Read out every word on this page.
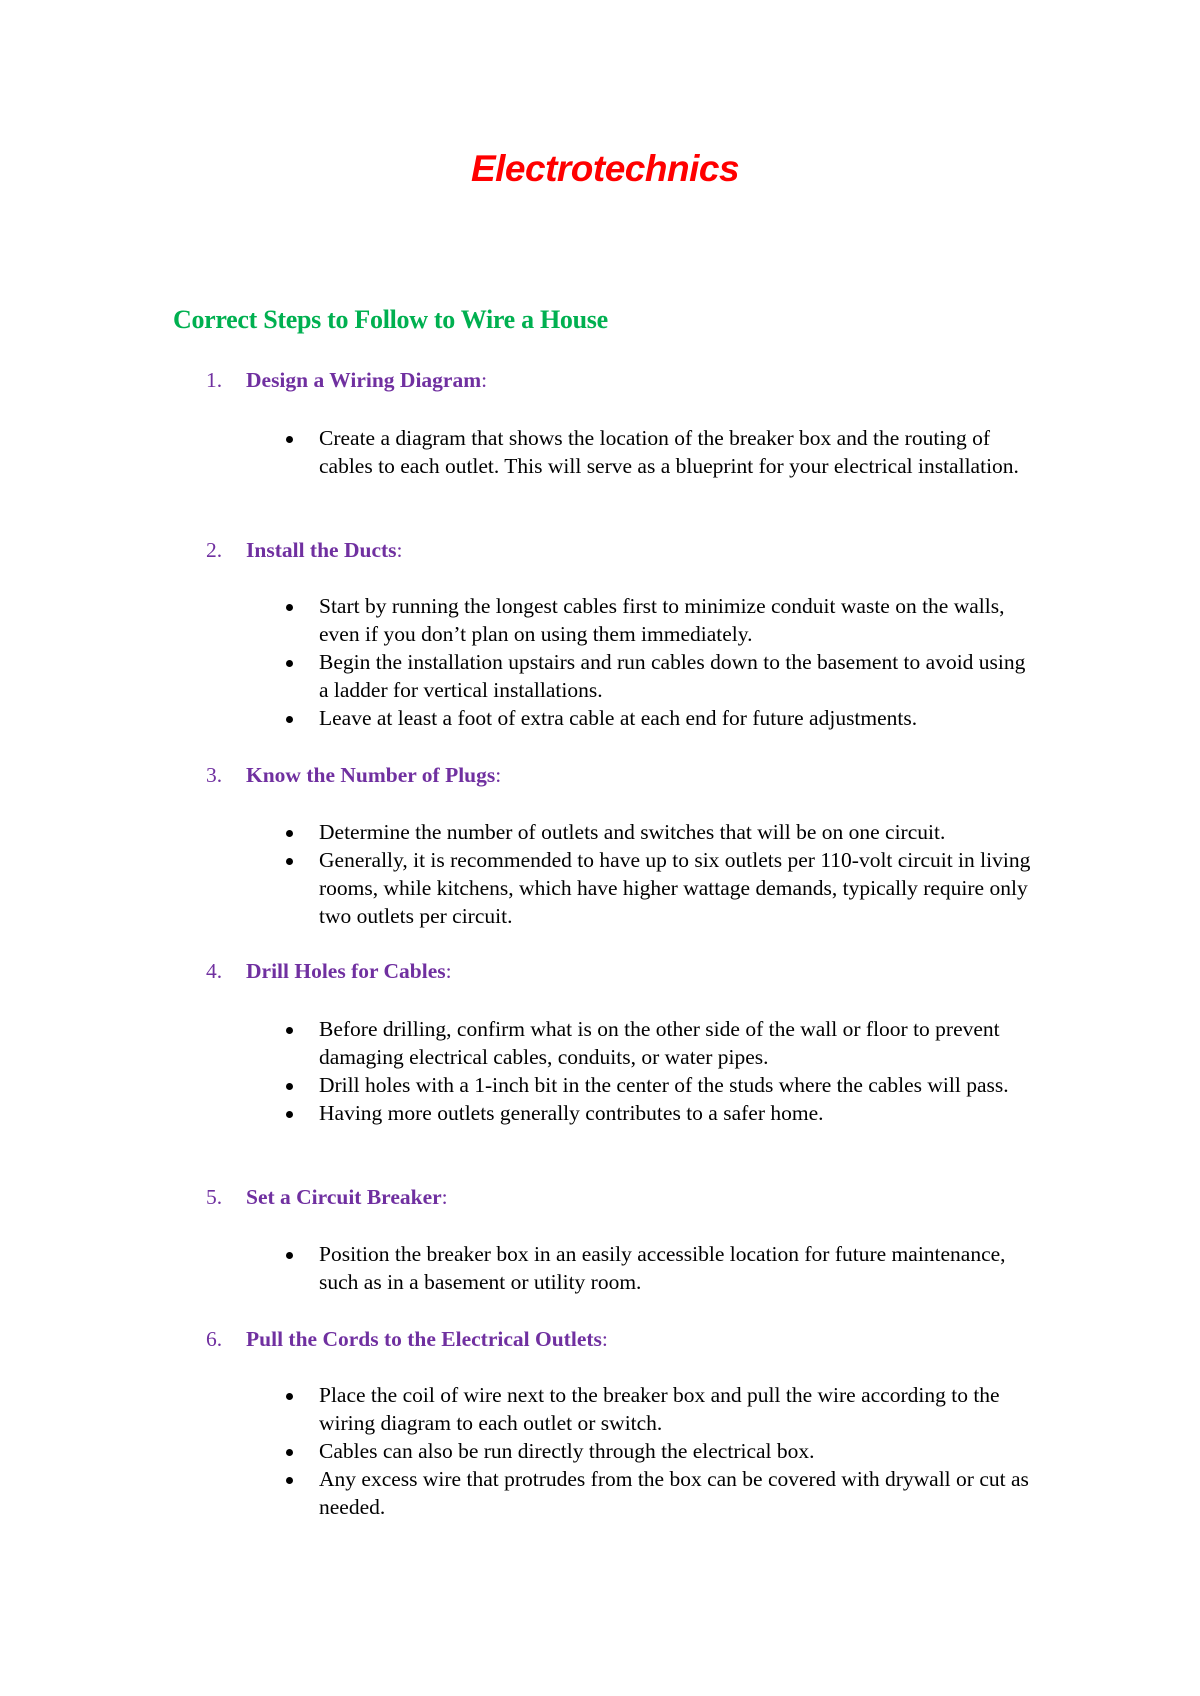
Electrotechnics
Correct Steps to Follow to Wire a House
1. Design a Wiring Diagram:
Create a diagram that shows the location of the breaker box and the routing of cables to each outlet. This will serve as a blueprint for your electrical installation.
2. Install the Ducts:
Start by running the longest cables first to minimize conduit waste on the walls, even if you don’t plan on using them immediately.
Begin the installation upstairs and run cables down to the basement to avoid using a ladder for vertical installations.
Leave at least a foot of extra cable at each end for future adjustments.
3. Know the Number of Plugs:
Determine the number of outlets and switches that will be on one circuit.
Generally, it is recommended to have up to six outlets per 110-volt circuit in living rooms, while kitchens, which have higher wattage demands, typically require only two outlets per circuit.
4. Drill Holes for Cables:
Before drilling, confirm what is on the other side of the wall or floor to prevent damaging electrical cables, conduits, or water pipes.
Drill holes with a 1-inch bit in the center of the studs where the cables will pass.
Having more outlets generally contributes to a safer home.
5. Set a Circuit Breaker:
Position the breaker box in an easily accessible location for future maintenance, such as in a basement or utility room.
6. Pull the Cords to the Electrical Outlets:
Place the coil of wire next to the breaker box and pull the wire according to the wiring diagram to each outlet or switch.
Cables can also be run directly through the electrical box.
Any excess wire that protrudes from the box can be covered with drywall or cut as needed.
